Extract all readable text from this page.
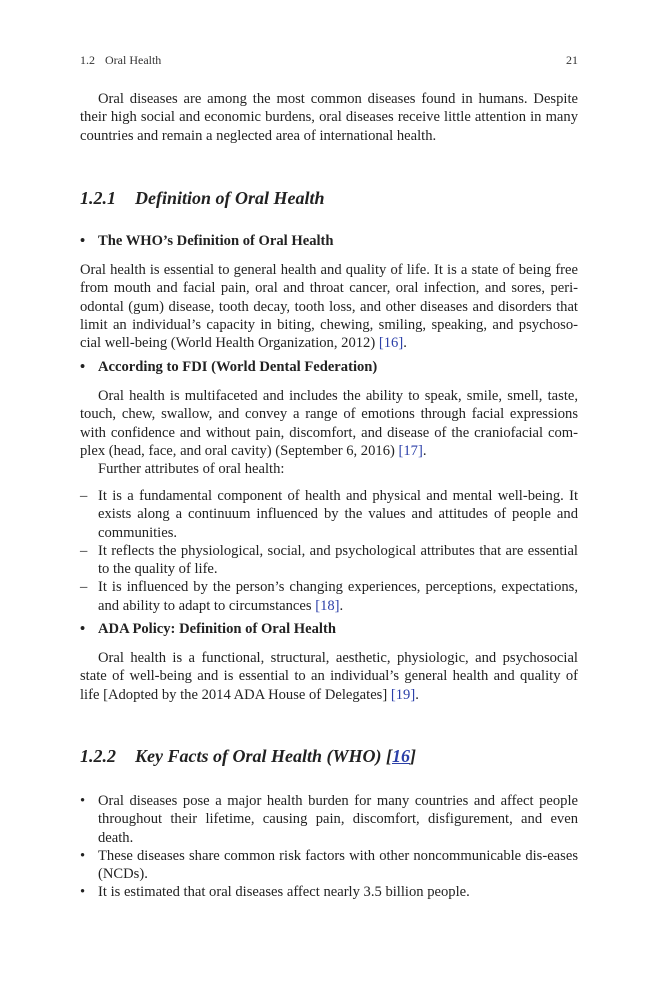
1.2 Oral Health	21

Oral diseases are among the most common diseases found in humans. Despite their high social and economic burdens, oral diseases receive little attention in many countries and remain a neglected area of international health.

1.2.1 Definition of Oral Health
• The WHO’s Definition of Oral Health

Oral health is essential to general health and quality of life. It is a state of being free from mouth and facial pain, oral and throat cancer, oral infection, and sores, peri-odontal (gum) disease, tooth decay, tooth loss, and other diseases and disorders that limit an individual’s capacity in biting, chewing, smiling, speaking, and psychoso-cial well-being (World Health Organization, 2012) [16].

• According to FDI (World Dental Federation)

Oral health is multifaceted and includes the ability to speak, smile, smell, taste, touch, chew, swallow, and convey a range of emotions through facial expressions with confidence and without pain, discomfort, and disease of the craniofacial com-plex (head, face, and oral cavity) (September 6, 2016) [17].

Further attributes of oral health:

– It is a fundamental component of health and physical and mental well-being. It exists along a continuum influenced by the values and attitudes of people and communities.
– It reflects the physiological, social, and psychological attributes that are essential to the quality of life.
– It is influenced by the person’s changing experiences, perceptions, expectations, and ability to adapt to circumstances [18].
• ADA Policy: Definition of Oral Health

Oral health is a functional, structural, aesthetic, physiologic, and psychosocial state of well-being and is essential to an individual’s general health and quality of life [Adopted by the 2014 ADA House of Delegates] [19].

1.2.2 Key Facts of Oral Health (WHO) [16]
• Oral diseases pose a major health burden for many countries and affect people throughout their lifetime, causing pain, discomfort, disfigurement, and even death.
• These diseases share common risk factors with other noncommunicable dis-eases (NCDs).
• It is estimated that oral diseases affect nearly 3.5 billion people.
